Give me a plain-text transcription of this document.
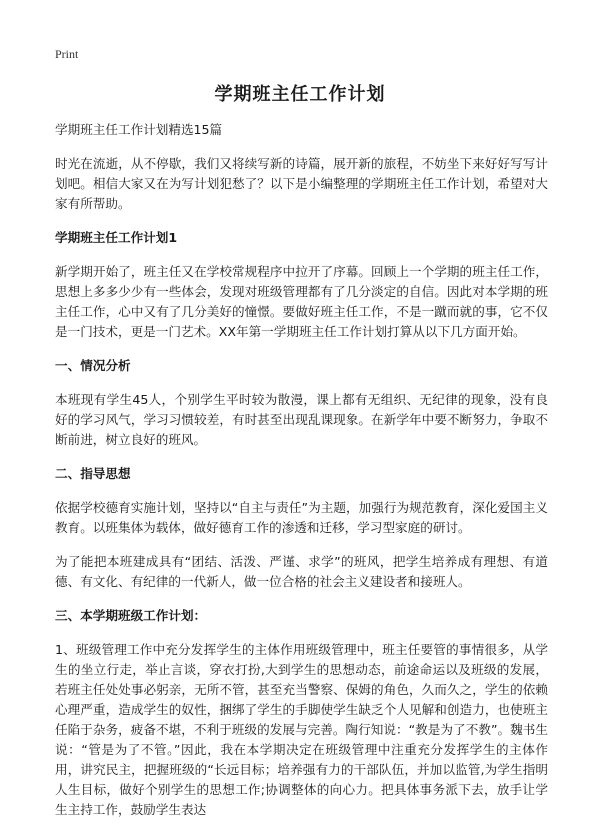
Print
学期班主任工作计划

学期班主任工作计划精选15篇

时光在流逝，从不停歇，我们又将续写新的诗篇，展开新的旅程，不妨坐下来好好写写计划吧。相信大家又在为写计划犯愁了？以下是小编整理的学期班主任工作计划，希望对大家有所帮助。

学期班主任工作计划1

新学期开始了，班主任又在学校常规程序中拉开了序幕。回顾上一个学期的班主任工作，思想上多多少少有一些体会，发现对班级管理都有了几分淡定的自信。因此对本学期的班主任工作，心中又有了几分美好的憧憬。要做好班主任工作，不是一蹴而就的事，它不仅是一门技术，更是一门艺术。XX年第一学期班主任工作计划打算从以下几方面开始。

一、情况分析

本班现有学生45人，个别学生平时较为散漫，课上都有无组织、无纪律的现象，没有良好的学习风气，学习习惯较差，有时甚至出现乱课现象。在新学年中要不断努力，争取不断前进，树立良好的班风。

二、指导思想

依据学校德育实施计划，坚持以“自主与责任”为主题，加强行为规范教育，深化爱国主义教育。以班集体为载体，做好德育工作的渗透和迁移，学习型家庭的研讨。

为了能把本班建成具有“团结、活泼、严谨、求学”的班风，把学生培养成有理想、有道德、有文化、有纪律的一代新人，做一位合格的社会主义建设者和接班人。

三、本学期班级工作计划：

1、班级管理工作中充分发挥学生的主体作用班级管理中，班主任要管的事情很多，从学生的坐立行走，举止言谈，穿衣打扮,大到学生的思想动态，前途命运以及班级的发展，若班主任处处事必躬亲，无所不管，甚至充当警察、保姆的角色，久而久之，学生的依赖心理严重，造成学生的奴性，捆绑了学生的手脚使学生缺乏个人见解和创造力，也使班主任陷于杂务，疲备不堪，不利于班级的发展与完善。陶行知说：“教是为了不教”。魏书生说：“管是为了不管。”因此，我在本学期决定在班级管理中注重充分发挥学生的主体作用，讲究民主，把握班级的“长远目标；培养强有力的干部队伍，并加以监管,为学生指明人生目标，做好个别学生的思想工作;协调整体的向心力。把具体事务派下去，放手让学生主持工作，鼓励学生表达
